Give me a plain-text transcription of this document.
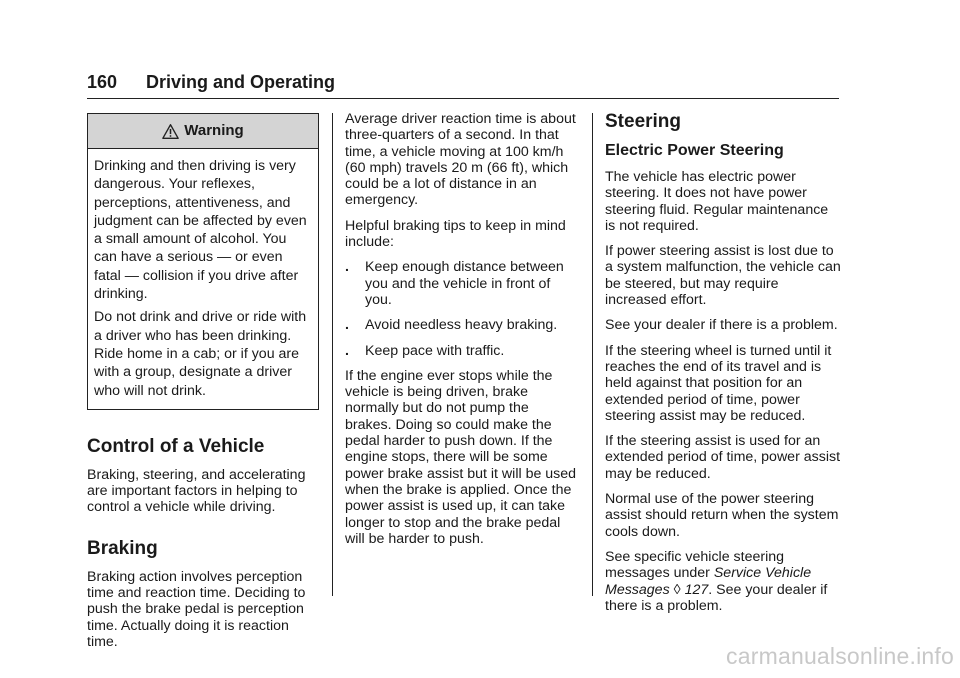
160 Driving and Operating
Warning

Drinking and then driving is very dangerous. Your reflexes, perceptions, attentiveness, and judgment can be affected by even a small amount of alcohol. You can have a serious — or even fatal — collision if you drive after drinking.

Do not drink and drive or ride with a driver who has been drinking. Ride home in a cab; or if you are with a group, designate a driver who will not drink.

Control of a Vehicle

Braking, steering, and accelerating are important factors in helping to control a vehicle while driving.

Braking

Braking action involves perception time and reaction time. Deciding to push the brake pedal is perception time. Actually doing it is reaction time.

Average driver reaction time is about three-quarters of a second. In that time, a vehicle moving at 100 km/h (60 mph) travels 20 m (66 ft), which could be a lot of distance in an emergency.

Helpful braking tips to keep in mind include:

. Keep enough distance between you and the vehicle in front of you.
. Avoid needless heavy braking.
. Keep pace with traffic.

If the engine ever stops while the vehicle is being driven, brake normally but do not pump the brakes. Doing so could make the pedal harder to push down. If the engine stops, there will be some power brake assist but it will be used when the brake is applied. Once the power assist is used up, it can take longer to stop and the brake pedal will be harder to push.

Steering
Electric Power Steering

The vehicle has electric power steering. It does not have power steering fluid. Regular maintenance is not required.

If power steering assist is lost due to a system malfunction, the vehicle can be steered, but may require increased effort.

See your dealer if there is a problem.

If the steering wheel is turned until it reaches the end of its travel and is held against that position for an extended period of time, power steering assist may be reduced.

If the steering assist is used for an extended period of time, power assist may be reduced.

Normal use of the power steering assist should return when the system cools down.

See specific vehicle steering messages under Service Vehicle Messages ◊ 127. See your dealer if there is a problem.

carmanualsonline.info
